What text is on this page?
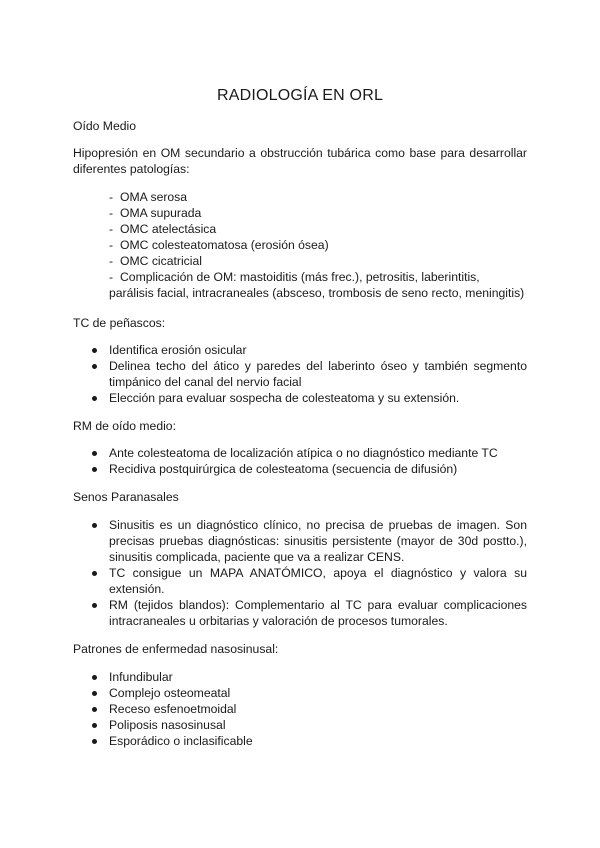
RADIOLOGÍA EN ORL

Oído Medio

Hipopresión en OM secundario a obstrucción tubárica como base para desarrollar diferentes patologías:

- OMA serosa
- OMA supurada
- OMC atelectásica
- OMC colesteatomatosa (erosión ósea)
- OMC cicatricial
- Complicación de OM: mastoiditis (más frec.), petrositis, laberintitis,
parálisis facial, intracraneales (absceso, trombosis de seno recto, meningitis)

TC de peñascos:

Identifica erosión osicular
Delinea techo del ático y paredes del laberinto óseo y también segmento timpánico del canal del nervio facial
Elección para evaluar sospecha de colesteatoma y su extensión.

RM de oído medio:

Ante colesteatoma de localización atípica o no diagnóstico mediante TC
Recidiva postquirúrgica de colesteatoma (secuencia de difusión)

Senos Paranasales

Sinusitis es un diagnóstico clínico, no precisa de pruebas de imagen. Son precisas pruebas diagnósticas: sinusitis persistente (mayor de 30d postto.), sinusitis complicada, paciente que va a realizar CENS.
TC consigue un MAPA ANATÓMICO, apoya el diagnóstico y valora su extensión.
RM (tejidos blandos): Complementario al TC para evaluar complicaciones intracraneales u orbitarias y valoración de procesos tumorales.

Patrones de enfermedad nasosinusal:

Infundibular
Complejo osteomeatal
Receso esfenoetmoidal
Poliposis nasosinusal
Esporádico o inclasificable
